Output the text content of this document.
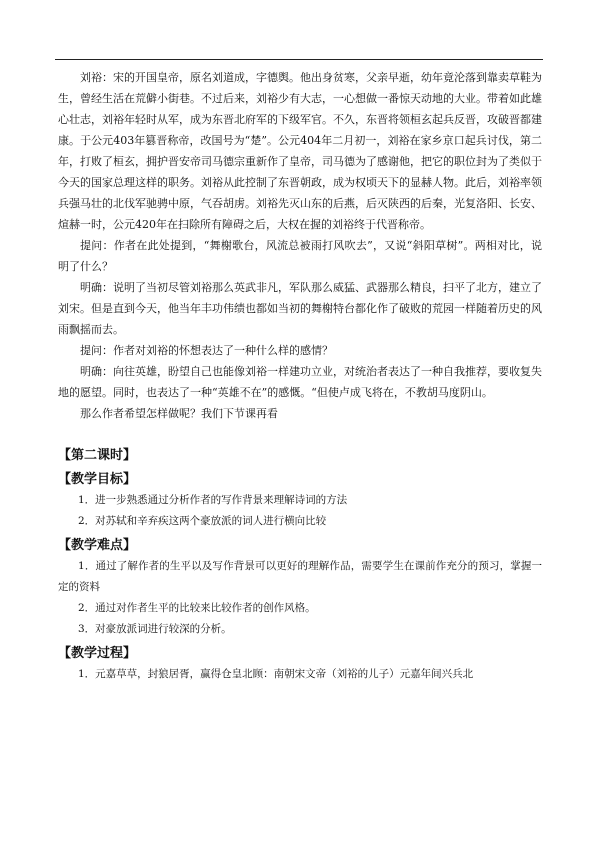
刘裕：宋的开国皇帝，原名刘道成，字德舆。他出身贫寒，父亲早逝，幼年竟沦落到靠卖草鞋为生，曾经生活在荒僻小街巷。不过后来，刘裕少有大志，一心想做一番惊天动地的大业。带着如此雄心壮志，刘裕年轻时从军，成为东晋北府军的下级军官。不久，东晋将领桓玄起兵反晋，攻破晋都建康。于公元403年篡晋称帝，改国号为“楚”。公元404年二月初一，刘裕在家乡京口起兵讨伐，第二年，打败了桓玄，拥护晋安帝司马德宗重新作了皇帝，司马德为了感谢他，把它的职位封为了类似于今天的国家总理这样的职务。刘裕从此控制了东晋朝政，成为权顷天下的显赫人物。此后，刘裕率领兵强马壮的北伐军驰骋中原，气吞胡虏。刘裕先灭山东的后燕，后灭陕西的后秦，光复洛阳、长安、煊赫一时，公元420年在扫除所有障碍之后，大权在握的刘裕终于代晋称帝。

提问：作者在此处提到，“舞榭歌台，风流总被雨打风吹去”，又说“斜阳草树”。两相对比，说明了什么？

明确：说明了当初尽管刘裕那么英武非凡，军队那么威猛、武器那么精良，扫平了北方，建立了刘宋。但是直到今天，他当年丰功伟绩也都如当初的舞榭特台都化作了破败的荒园一样随着历史的风雨飘摇而去。

提问：作者对刘裕的怀想表达了一种什么样的感情？

明确：向往英雄，盼望自己也能像刘裕一样建功立业，对统治者表达了一种自我推荐，要收复失地的愿望。同时，也表达了一种“英雄不在”的感慨。“但使卢成飞将在，不教胡马度阴山。

那么作者希望怎样做呢？我们下节课再看

【第二课时】
【教学目标】

1．进一步熟悉通过分析作者的写作背景来理解诗词的方法

2．对苏轼和辛弃疾这两个豪放派的词人进行横向比较

【教学难点】

1．通过了解作者的生平以及写作背景可以更好的理解作品，需要学生在课前作充分的预习，掌握一定的资料

2．通过对作者生平的比较来比较作者的创作风格。

3．对豪放派词进行较深的分析。

【教学过程】

1．元嘉草草，封狼居胥，赢得仓皇北顾：南朝宋文帝（刘裕的儿子）元嘉年间兴兵北
